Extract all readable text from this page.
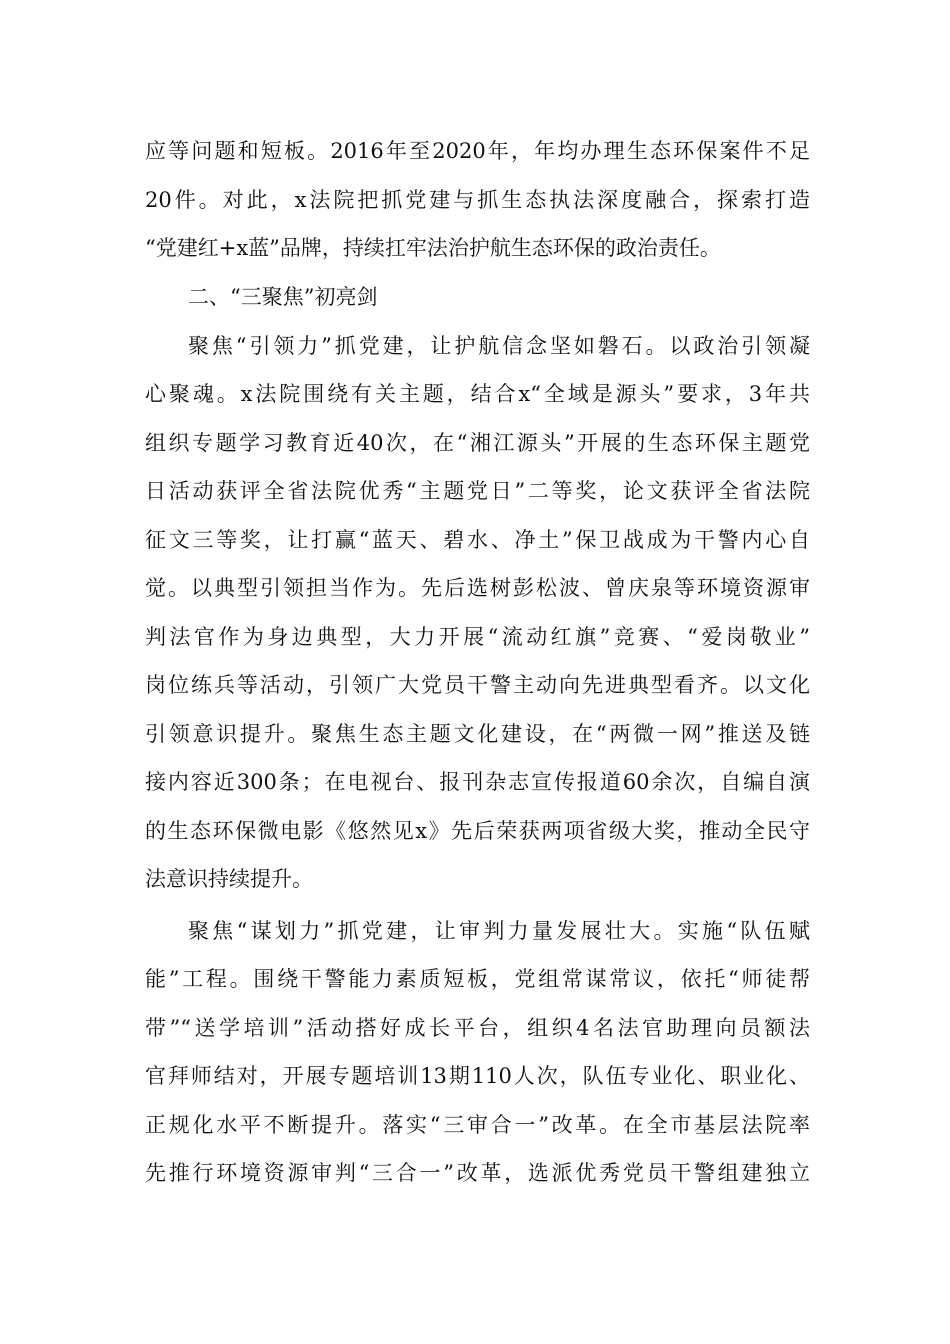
应等问题和短板。2016年至2020年，年均办理生态环保案件不足
20件。对此，x法院把抓党建与抓生态执法深度融合，探索打造
“党建红+x蓝”品牌，持续扛牢法治护航生态环保的政治责任。
二、“三聚焦”初亮剑
聚焦“引领力”抓党建，让护航信念坚如磐石。以政治引领凝
心聚魂。x法院围绕有关主题，结合x“全域是源头”要求，3年共
组织专题学习教育近40次，在“湘江源头”开展的生态环保主题党
日活动获评全省法院优秀“主题党日”二等奖，论文获评全省法院
征文三等奖，让打赢“蓝天、碧水、净土”保卫战成为干警内心自
觉。以典型引领担当作为。先后选树彭松波、曾庆泉等环境资源审
判法官作为身边典型，大力开展“流动红旗”竞赛、“爱岗敬业”
岗位练兵等活动，引领广大党员干警主动向先进典型看齐。以文化
引领意识提升。聚焦生态主题文化建设，在“两微一网”推送及链
接内容近300条；在电视台、报刊杂志宣传报道60余次，自编自演
的生态环保微电影《悠然见x》先后荣获两项省级大奖，推动全民守
法意识持续提升。
聚焦“谋划力”抓党建，让审判力量发展壮大。实施“队伍赋
能”工程。围绕干警能力素质短板，党组常谋常议，依托“师徒帮
带”“送学培训”活动搭好成长平台，组织4名法官助理向员额法
官拜师结对，开展专题培训13期110人次，队伍专业化、职业化、
正规化水平不断提升。落实“三审合一”改革。在全市基层法院率
先推行环境资源审判“三合一”改革，选派优秀党员干警组建独立
